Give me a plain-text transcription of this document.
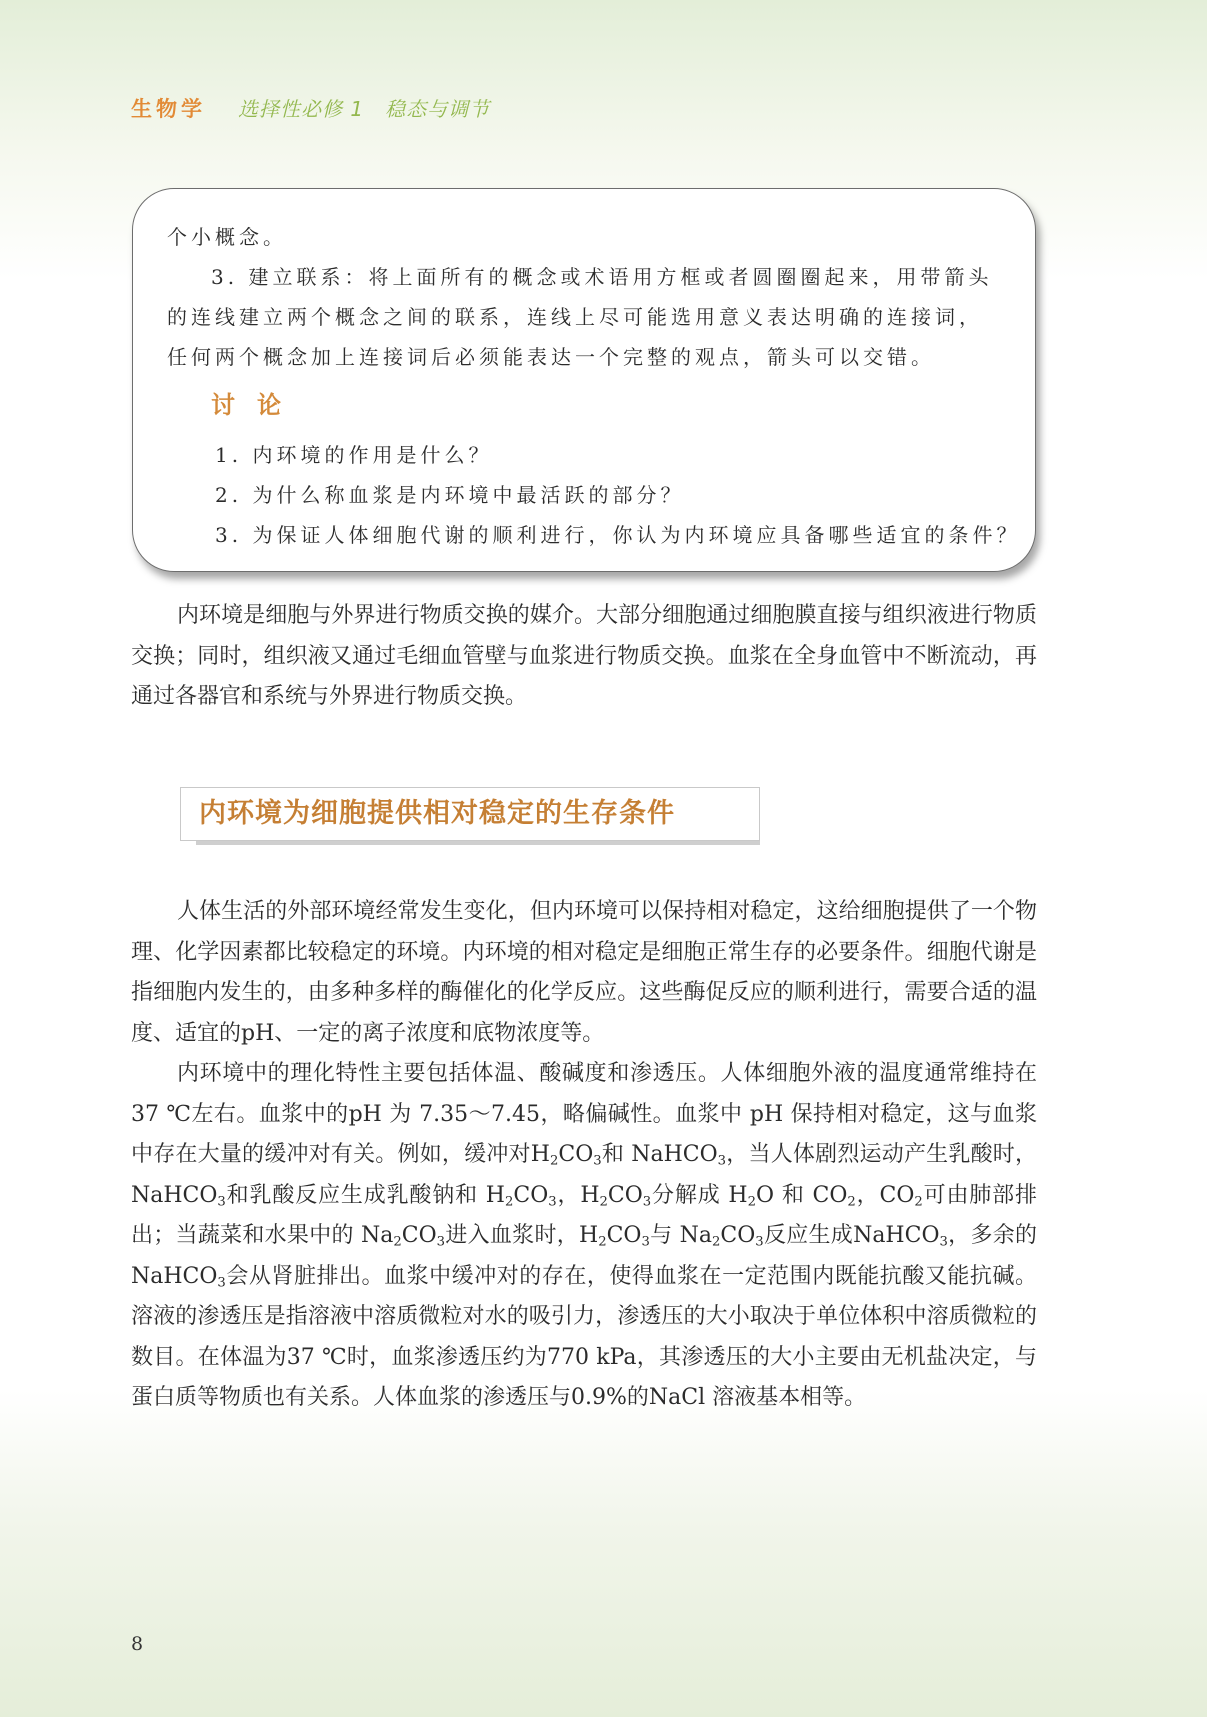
生物学 选择性必修 1　稳态与调节
个小概念。
3. 建立联系：将上面所有的概念或术语用方框或者圆圈圈起来，用带箭头
的连线建立两个概念之间的联系，连线上尽可能选用意义表达明确的连接词，
任何两个概念加上连接词后必须能表达一个完整的观点，箭头可以交错。
讨论
1. 内环境的作用是什么？
2. 为什么称血浆是内环境中最活跃的部分？
3. 为保证人体细胞代谢的顺利进行，你认为内环境应具备哪些适宜的条件？

内环境是细胞与外界进行物质交换的媒介。大部分细胞通过细胞膜直接与组织液进行物质交换；同时，组织液又通过毛细血管壁与血浆进行物质交换。血浆在全身血管中不断流动，再通过各器官和系统与外界进行物质交换。

内环境为细胞提供相对稳定的生存条件

人体生活的外部环境经常发生变化，但内环境可以保持相对稳定，这给细胞提供了一个物理、化学因素都比较稳定的环境。内环境的相对稳定是细胞正常生存的必要条件。细胞代谢是指细胞内发生的，由多种多样的酶催化的化学反应。这些酶促反应的顺利进行，需要合适的温度、适宜的pH、一定的离子浓度和底物浓度等。

内环境中的理化特性主要包括体温、酸碱度和渗透压。人体细胞外液的温度通常维持在 37 ℃左右。血浆中的pH 为 7.35～7.45，略偏碱性。血浆中 pH 保持相对稳定，这与血浆中存在大量的缓冲对有关。例如，缓冲对$H_2CO_3$和 NaHCO$_3$，当人体剧烈运动产生乳酸时，NaHCO$_3$和乳酸反应生成乳酸钠和 $H_2CO_3$，$H_2CO_3$分解成 $H_2O$ 和 $CO_2$，$CO_2$可由肺部排出；当蔬菜和水果中的 $Na_2CO_3$进入血浆时，$H_2CO_3$与 $Na_2CO_3$反应生成NaHCO$_3$，多余的NaHCO$_3$会从肾脏排出。血浆中缓冲对的存在，使得血浆在一定范围内既能抗酸又能抗碱。溶液的渗透压是指溶液中溶质微粒对水的吸引力，渗透压的大小取决于单位体积中溶质微粒的数目。在体温为37 ℃时，血浆渗透压约为770 kPa，其渗透压的大小主要由无机盐决定，与蛋白质等物质也有关系。人体血浆的渗透压与0.9%的NaCl 溶液基本相等。

8
